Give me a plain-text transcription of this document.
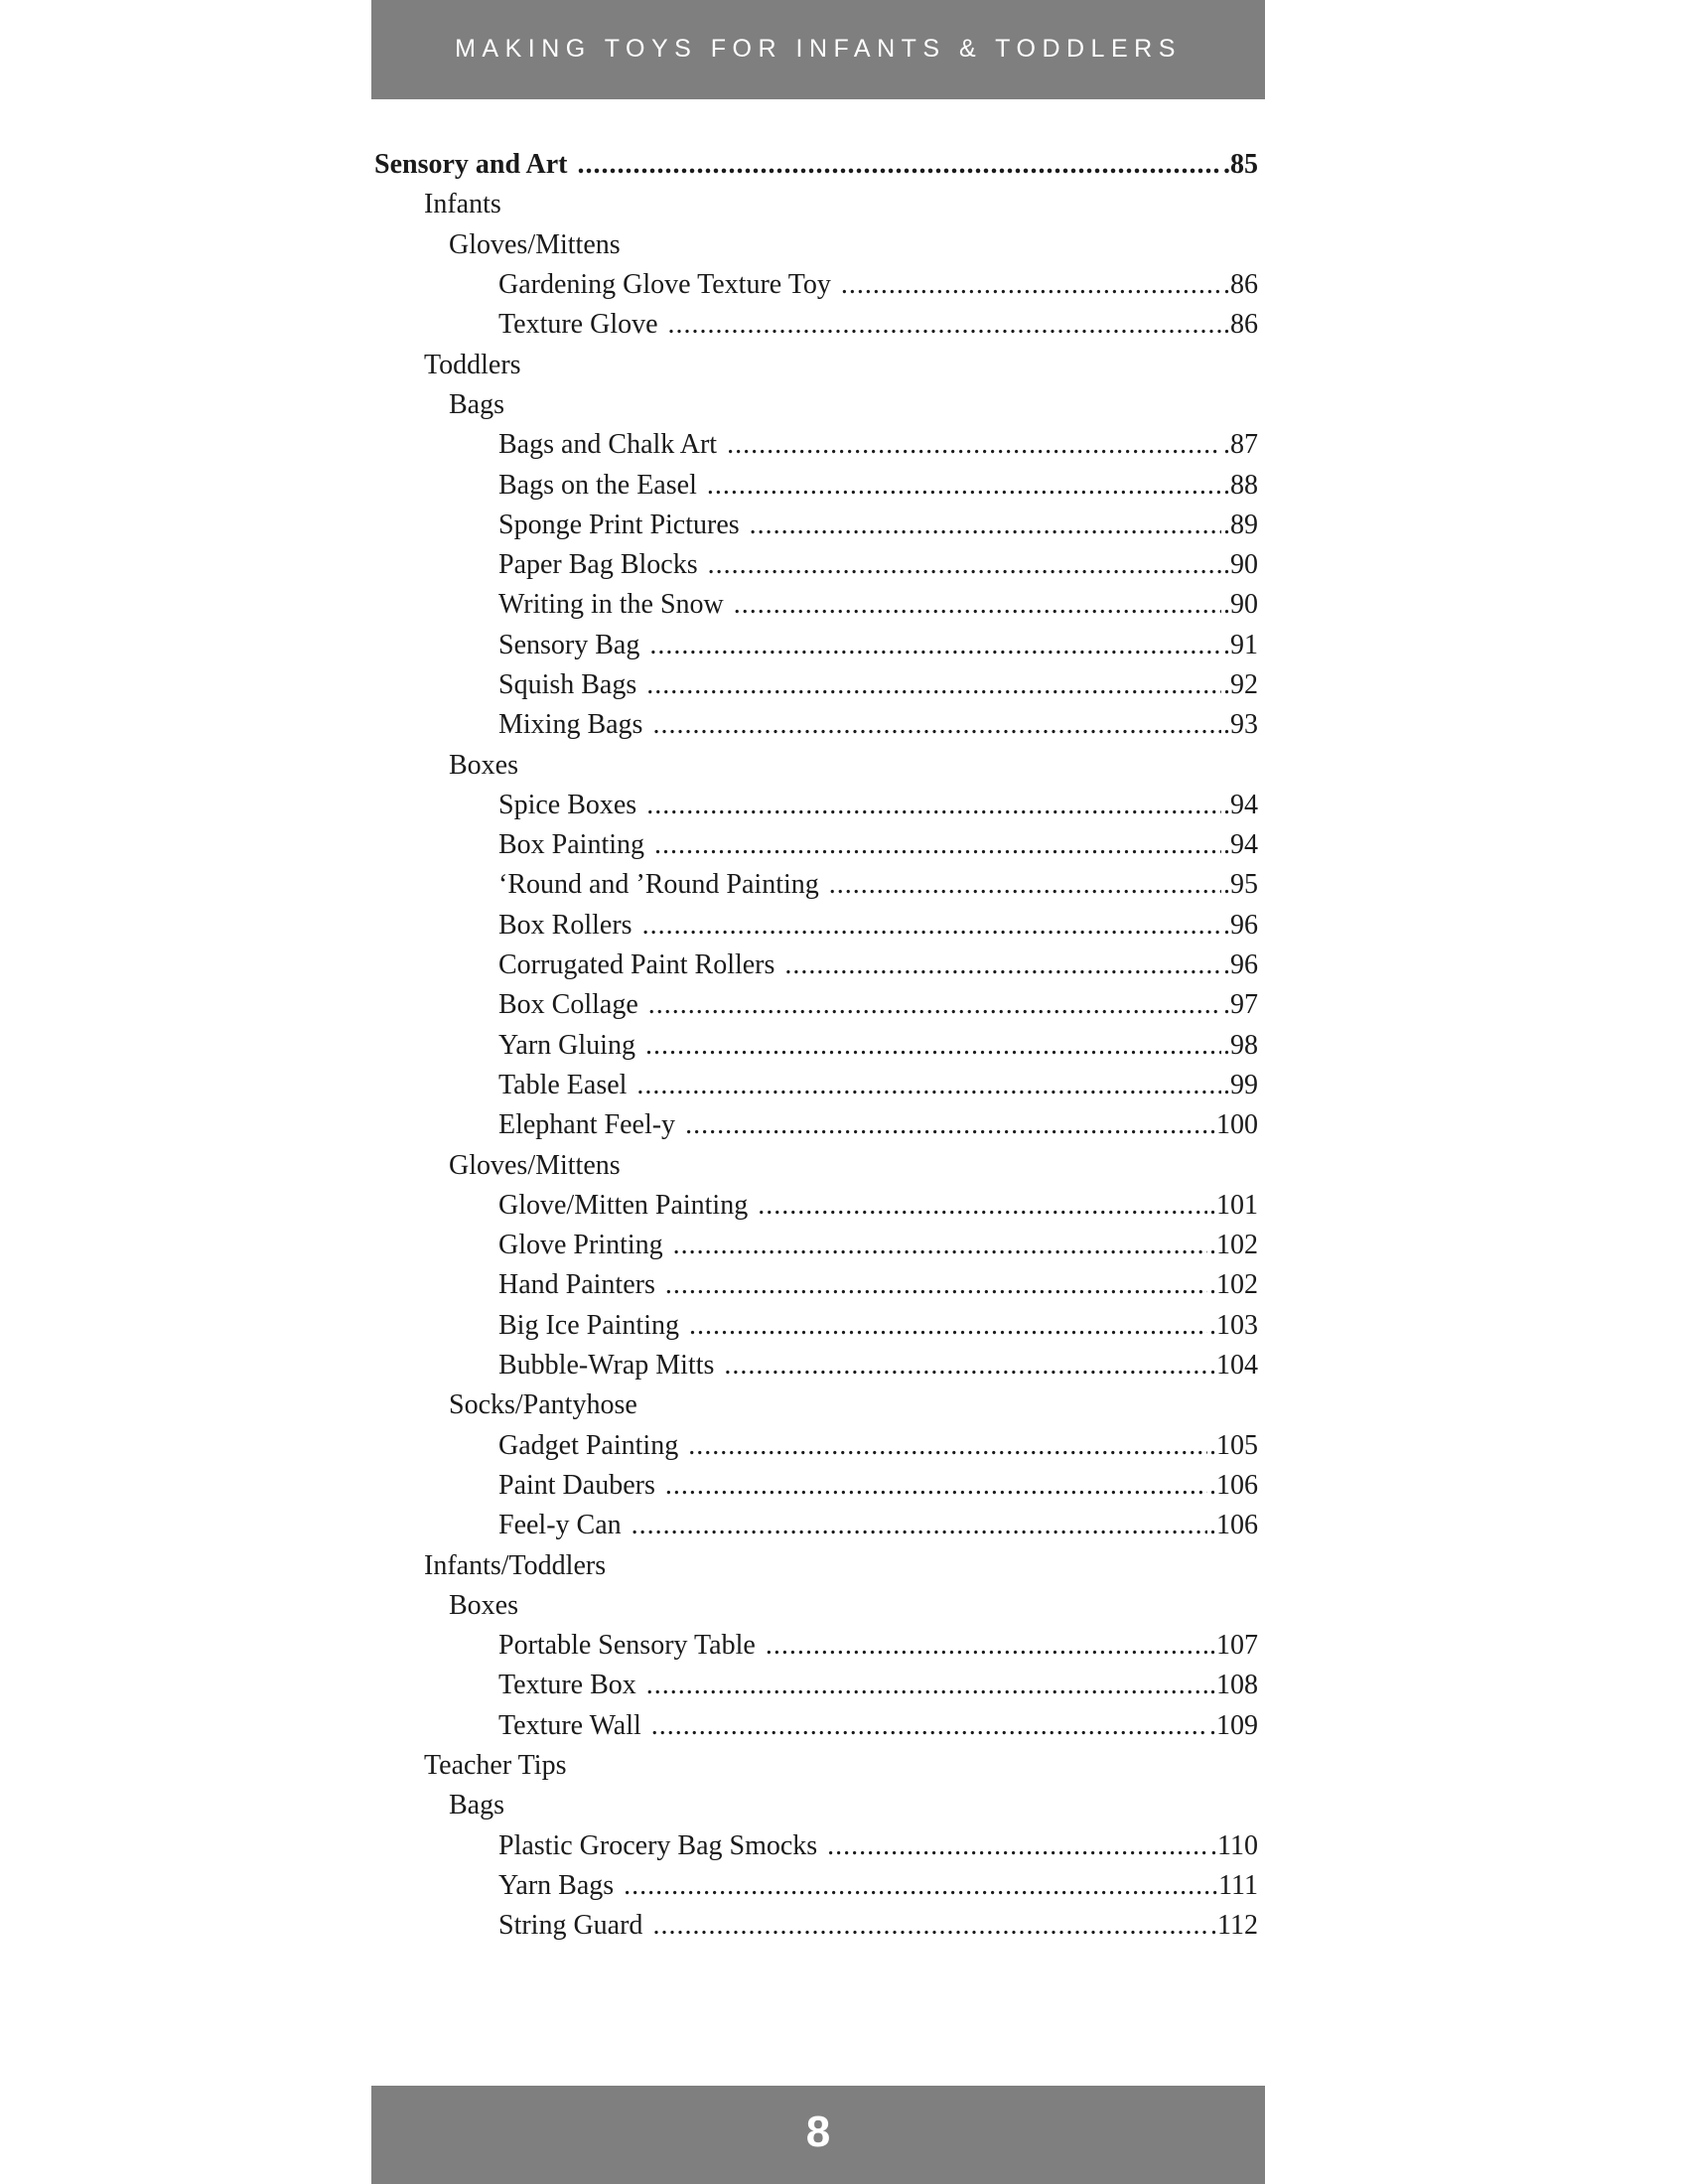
MAKING TOYS FOR INFANTS & TODDLERS
Sensory and Art . . .	.85
Infants
Gloves/Mittens
Gardening Glove Texture Toy . . .	.86
Texture Glove . . .	.86
Toddlers
Bags
Bags and Chalk Art . . .	.87
Bags on the Easel . . .	.88
Sponge Print Pictures . . .	.89
Paper Bag Blocks . . .	.90
Writing in the Snow . . .	.90
Sensory Bag . . .	.91
Squish Bags . . .	.92
Mixing Bags . . .	.93
Boxes
Spice Boxes . . .	.94
Box Painting . . .	.94
‘Round and ’Round Painting . . .	.95
Box Rollers . . .	.96
Corrugated Paint Rollers . . .	.96
Box Collage . . .	.97
Yarn Gluing . . .	.98
Table Easel . . .	.99
Elephant Feel-y . . .	.100
Gloves/Mittens
Glove/Mitten Painting . . .	.101
Glove Printing . . .	.102
Hand Painters . . .	.102
Big Ice Painting . . .	.103
Bubble-Wrap Mitts . . .	.104
Socks/Pantyhose
Gadget Painting . . .	.105
Paint Daubers . . .	.106
Feel-y Can . . .	.106
Infants/Toddlers
Boxes
Portable Sensory Table . . .	.107
Texture Box . . .	.108
Texture Wall . . .	.109
Teacher Tips
Bags
Plastic Grocery Bag Smocks . . .	.110
Yarn Bags . . .	.111
String Guard . . .	.112
8
